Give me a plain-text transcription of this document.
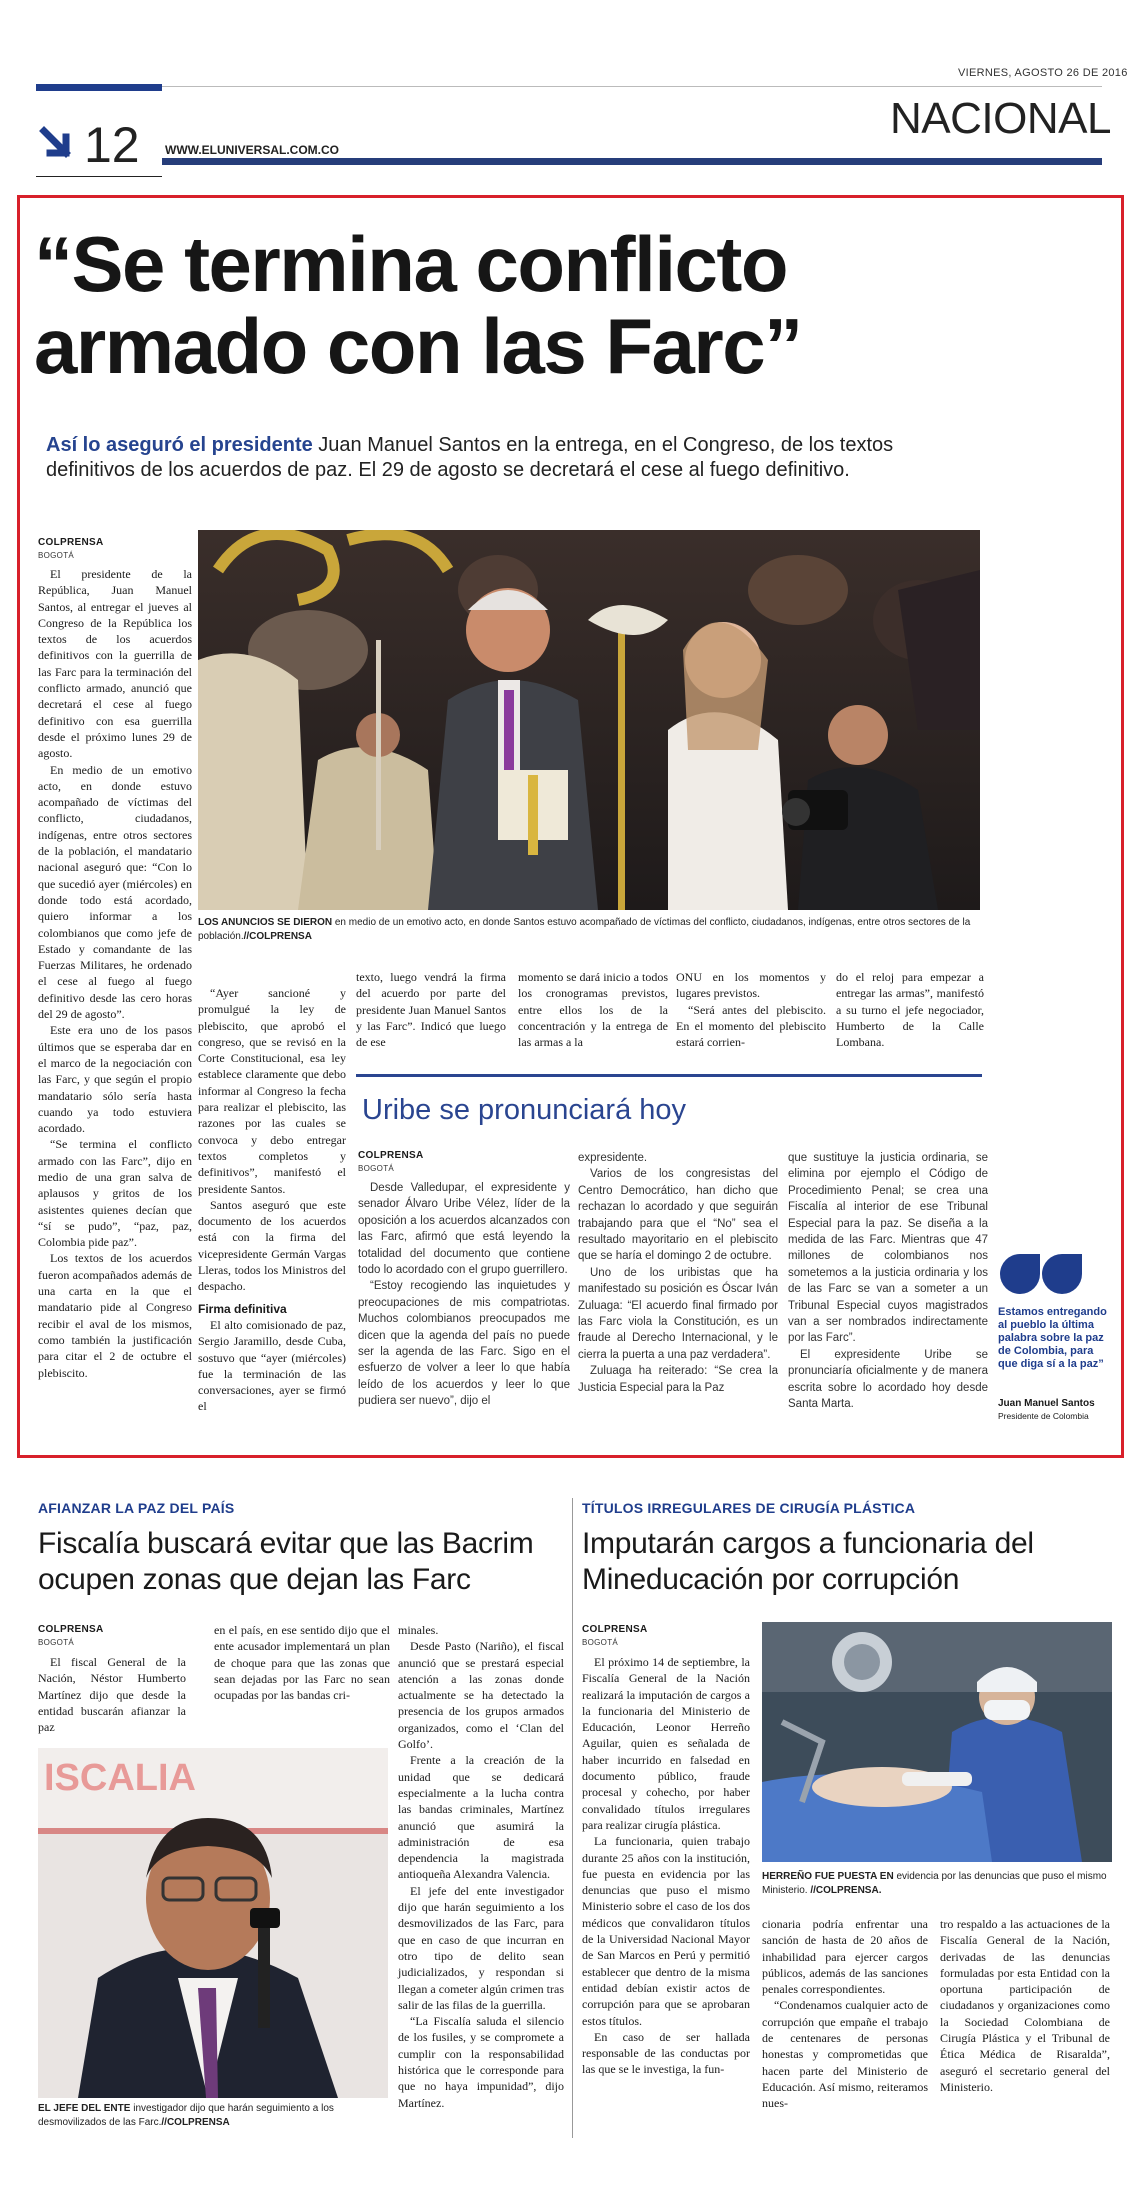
VIERNES, AGOSTO 26 DE 2016
NACIONAL
12 WWW.ELUNIVERSAL.COM.CO
“Se termina conflicto
armado con las Farc”
Así lo aseguró el presidente Juan Manuel Santos en la entrega, en el Congreso, de los textos definitivos de los acuerdos de paz. El 29 de agosto se decretará el cese al fuego definitivo.
COLPRENSA
BOGOTÁ

El presidente de la República, Juan Manuel Santos, al entregar el jueves al Congreso de la República los textos de los acuerdos definitivos con la guerrilla de las Farc para la terminación del conflicto armado, anunció que decretará el cese al fuego definitivo con esa guerrilla desde el próximo lunes 29 de agosto.

En medio de un emotivo acto, en donde estuvo acompañado de víctimas del conflicto, ciudadanos, indígenas, entre otros sectores de la población, el mandatario nacional aseguró que: “Con lo que sucedió ayer (miércoles) en donde todo está acordado, quiero informar a los colombianos que como jefe de Estado y comandante de las Fuerzas Militares, he ordenado el cese al fuego al fuego definitivo desde las cero horas del 29 de agosto”.

Este era uno de los pasos últimos que se esperaba dar en el marco de la negociación con las Farc, y que según el propio mandatario sólo sería hasta cuando ya todo estuviera acordado.

“Se termina el conflicto armado con las Farc”, dijo en medio de una gran salva de aplausos y gritos de los asistentes quienes decían que “sí se pudo”, “paz, paz, Colombia pide paz”.

Los textos de los acuerdos fueron acompañados además de una carta en la que el mandatario pide al Congreso recibir el aval de los mismos, como también la justificación para citar el 2 de octubre el plebiscito.

LOS ANUNCIOS SE DIERON en medio de un emotivo acto, en donde Santos estuvo acompañado de víctimas del conflicto, ciudadanos, indígenas, entre otros sectores de la población.//COLPRENSA

“Ayer sancioné y promulgué la ley de plebiscito, que aprobó el congreso, que se revisó en la Corte Constitucional, esa ley establece claramente que debo informar al Congreso la fecha para realizar el plebiscito, las razones por las cuales se convoca y debo entregar textos completos y definitivos”, manifestó el presidente Santos.

Santos aseguró que este documento de los acuerdos está con la firma del vicepresidente Germán Vargas Lleras, todos los Ministros del despacho.

Firma definitiva

El alto comisionado de paz, Sergio Jaramillo, desde Cuba, sostuvo que “ayer (miércoles) fue la terminación de las conversaciones, ayer se firmó el

texto, luego vendrá la firma del acuerdo por parte del presidente Juan Manuel Santos y las Farc”. Indicó que luego de ese

momento se dará inicio a todos los cronogramas previstos, entre ellos los de la concentración y la entrega de las armas a la

ONU en los momentos y lugares previstos.

“Será antes del plebiscito. En el momento del plebiscito estará corrien-

do el reloj para empezar a entregar las armas”, manifestó a su turno el jefe negociador, Humberto de la Calle Lombana.

Uribe se pronunciará hoy
COLPRENSA
BOGOTÁ

Desde Valledupar, el expresidente y senador Álvaro Uribe Vélez, líder de la oposición a los acuerdos alcanzados con las Farc, afirmó que está leyendo la totalidad del documento que contiene todo lo acordado con el grupo guerrillero.

“Estoy recogiendo las inquietudes y preocupaciones de mis compatriotas. Muchos colombianos preocupados me dicen que la agenda del país no puede ser la agenda de las Farc. Sigo en el esfuerzo de volver a leer lo que había leído de los acuerdos y leer lo que pudiera ser nuevo”, dijo el

expresidente.

Varios de los congresistas del Centro Democrático, han dicho que rechazan lo acordado y que seguirán trabajando para que el “No” sea el resultado mayoritario en el plebiscito que se haría el domingo 2 de octubre.

Uno de los uribistas que ha manifestado su posición es Óscar Iván Zuluaga: “El acuerdo final firmado por las Farc viola la Constitución, es un fraude al Derecho Internacional, y le cierra la puerta a una paz verdadera”.

Zuluaga ha reiterado: “Se crea la Justicia Especial para la Paz

que sustituye la justicia ordinaria, se elimina por ejemplo el Código de Procedimiento Penal; se crea una Fiscalía al interior de ese Tribunal Especial para la paz. Se diseña a la medida de las Farc. Mientras que 47 millones de colombianos nos sometemos a la justicia ordinaria y los de las Farc se van a someter a un Tribunal Especial cuyos magistrados van a ser nombrados indirectamente por las Farc”.

El expresidente Uribe se pronunciaría oficialmente y de manera escrita sobre lo acordado hoy desde Santa Marta.

Estamos entregando al pueblo la última palabra sobre la paz de Colombia, para que diga sí a la paz”
Juan Manuel Santos
Presidente de Colombia
AFIANZAR LA PAZ DEL PAÍS
Fiscalía buscará evitar que las Bacrim ocupen zonas que dejan las Farc
COLPRENSA
BOGOTÁ

El fiscal General de la Nación, Néstor Humberto Martínez dijo que desde la entidad buscarán afianzar la paz

en el país, en ese sentido dijo que el ente acusador implementará un plan de choque para que las zonas que sean dejadas por las Farc no sean ocupadas por las bandas cri-

minales.

Desde Pasto (Nariño), el fiscal anunció que se prestará especial atención a las zonas donde actualmente se ha detectado la presencia de los grupos armados organizados, como el ‘Clan del Golfo’.

Frente a la creación de la unidad que se dedicará especialmente a la lucha contra las bandas criminales, Martínez anunció que asumirá la administración de esa dependencia la magistrada antioqueña Alexandra Valencia.

El jefe del ente investigador dijo que harán seguimiento a los desmovilizados de las Farc, para que en caso de que incurran en otro tipo de delito sean judicializados, y respondan si llegan a cometer algún crimen tras salir de las filas de la guerrilla.

“La Fiscalía saluda el silencio de los fusiles, y se compromete a cumplir con la responsabilidad histórica que le corresponde para que no haya impunidad”, dijo Martínez.

ISCALIA
EL JEFE DEL ENTE investigador dijo que harán seguimiento a los desmovilizados de las Farc.//COLPRENSA
TÍTULOS IRREGULARES DE CIRUGÍA PLÁSTICA
Imputarán cargos a funcionaria del Mineducación por corrupción
COLPRENSA
BOGOTÁ

El próximo 14 de septiembre, la Fiscalía General de la Nación realizará la imputación de cargos a la funcionaria del Ministerio de Educación, Leonor Herreño Aguilar, quien es señalada de haber incurrido en falsedad en documento público, fraude procesal y cohecho, por haber convalidado títulos irregulares para realizar cirugía plástica.

La funcionaria, quien trabajo durante 25 años con la institución, fue puesta en evidencia por las denuncias que puso el mismo Ministerio sobre el caso de los dos médicos que convalidaron títulos de la Universidad Nacional Mayor de San Marcos en Perú y permitió establecer que dentro de la misma entidad debían existir actos de corrupción para que se aprobaran estos títulos.

En caso de ser hallada responsable de las conductas por las que se le investiga, la fun-

HERREÑO FUE PUESTA EN evidencia por las denuncias que puso el mismo Ministerio. //COLPRENSA.

cionaria podría enfrentar una sanción de hasta de 20 años de inhabilidad para ejercer cargos públicos, además de las sanciones penales correspondientes.

“Condenamos cualquier acto de corrupción que empañe el trabajo de centenares de personas honestas y comprometidas que hacen parte del Ministerio de Educación. Así mismo, reiteramos nues-

tro respaldo a las actuaciones de la Fiscalía General de la Nación, derivadas de las denuncias formuladas por esta Entidad con la oportuna participación de ciudadanos y organizaciones como la Sociedad Colombiana de Cirugía Plástica y el Tribunal de Ética Médica de Risaralda”, aseguró el secretario general del Ministerio.
